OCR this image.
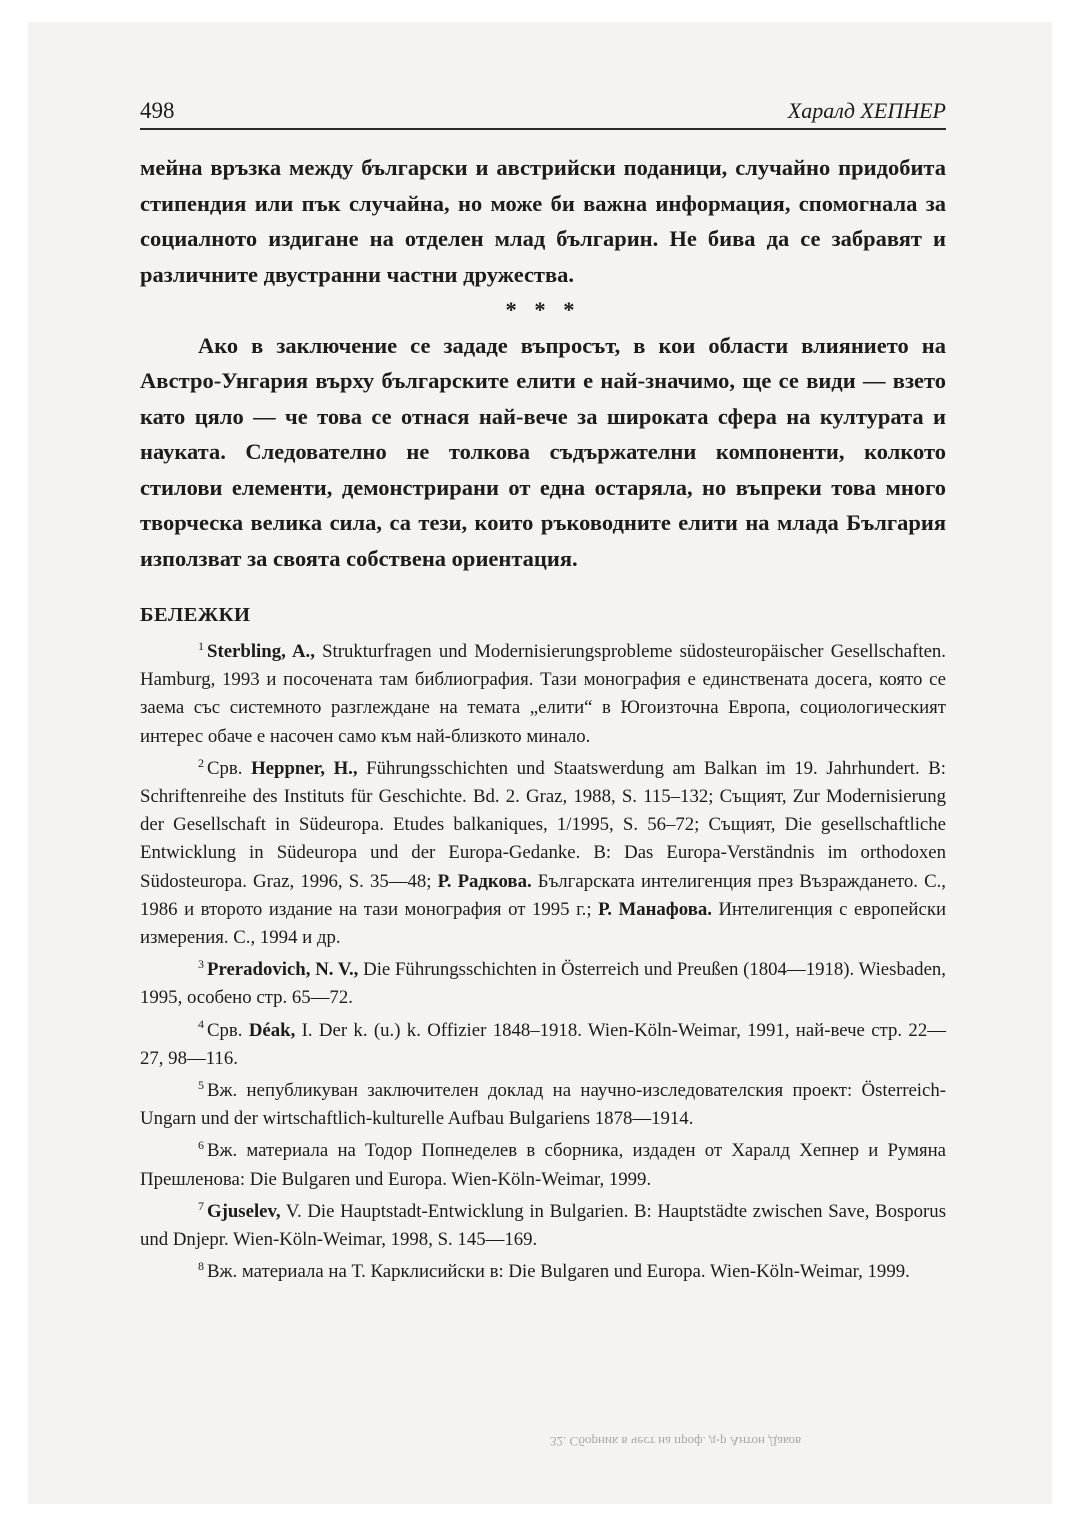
498	Харалд ХЕПНЕР

мейна връзка между български и австрийски поданици, случайно придобита стипендия или пък случайна, но може би важна информация, спомогнала за социалното издигане на отделен млад българин. Не бива да се забравят и различните двустранни частни дружества.

* * *

Ако в заключение се зададе въпросът, в кои области влиянието на Австро-Унгария върху българските елити е най-значимо, ще се види — взето като цяло — че това се отнася най-вече за широката сфера на културата и науката. Следователно не толкова съдържателни компоненти, колкото стилови елементи, демонстрирани от една остаряла, но въпреки това много творческа велика сила, са тези, които ръководните елити на млада България използват за своята собствена ориентация.

БЕЛЕЖКИ

$^1$ Sterbling, A., Strukturfragen und Modernisierungsprobleme südosteuropäischer Gesellschaften. Hamburg, 1993 и посочената там библиография. Тази монография е единствената досега, която се заема със системното разглеждане на темата „елити“ в Югоизточна Европа, социологическият интерес обаче е насочен само към най-близкото минало.

$^2$ Срв. Heppner, H., Führungsschichten und Staatswerdung am Balkan im 19. Jahrhundert. B: Schriftenreihe des Instituts für Geschichte. Bd. 2. Graz, 1988, S. 115–132; Същият, Zur Modernisierung der Gesellschaft in Südeuropa. Etudes balkaniques, 1/1995, S. 56–72; Същият, Die gesellschaftliche Entwicklung in Südeuropa und der Europa-Gedanke. B: Das Europa-Verständnis im orthodoxen Südosteuropa. Graz, 1996, S. 35—48; Р. Радкова. Българската интелигенция през Възраждането. С., 1986 и второто издание на тази монография от 1995 г.; Р. Манафова. Интелигенция с европейски измерения. С., 1994 и др.

$^3$ Preradovich, N. V., Die Führungsschichten in Österreich und Preußen (1804—1918). Wiesbaden, 1995, особено стр. 65—72.

$^4$ Срв. Déak, I. Der k. (u.) k. Offizier 1848–1918. Wien-Köln-Weimar, 1991, най-вече стр. 22—27, 98—116.

$^5$ Вж. непубликуван заключителен доклад на научно-изследователския проект: Österreich-Ungarn und der wirtschaftlich-kulturelle Aufbau Bulgariens 1878—1914.

$^6$ Вж. материала на Тодор Попнеделев в сборника, издаден от Харалд Хепнер и Румяна Прешленова: Die Bulgaren und Europa. Wien-Köln-Weimar, 1999.

$^7$ Gjuselev, V. Die Hauptstadt-Entwicklung in Bulgarien. B: Hauptstädte zwischen Save, Bosporus und Dnjepr. Wien-Köln-Weimar, 1998, S. 145—169.

$^8$ Вж. материала на Т. Карклисийски в: Die Bulgaren und Europa. Wien-Köln-Weimar, 1999.

32. Сборник в чест на проф. д-р Антон Даков
